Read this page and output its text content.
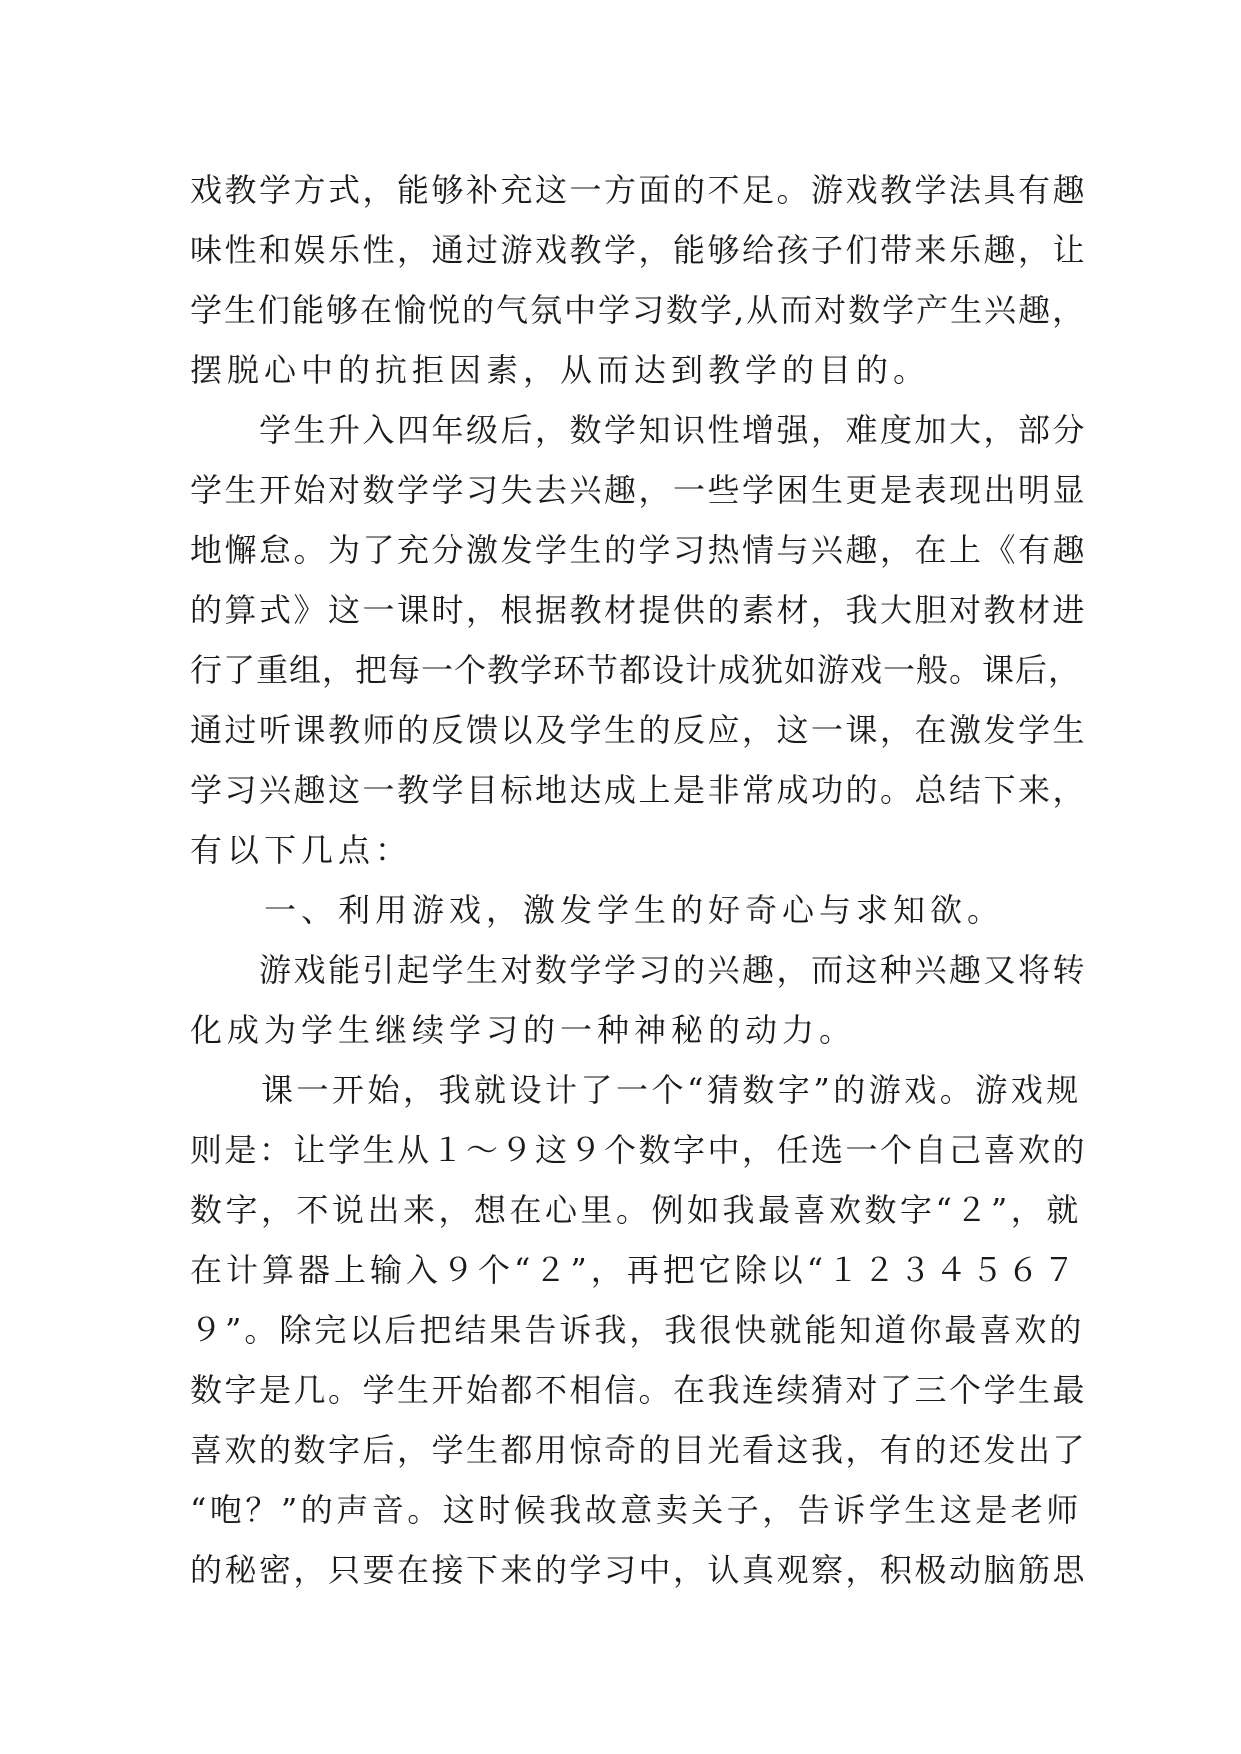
戏教学方式，能够补充这一方面的不足。游戏教学法具有趣
味性和娱乐性，通过游戏教学，能够给孩子们带来乐趣，让
学生们能够在愉悦的气氛中学习数学,从而对数学产生兴趣，
摆脱心中的抗拒因素，从而达到教学的目的。
　　学生升入四年级后，数学知识性增强，难度加大，部分
学生开始对数学学习失去兴趣，一些学困生更是表现出明显
地懈怠。为了充分激发学生的学习热情与兴趣，在上《有趣
的算式》这一课时，根据教材提供的素材，我大胆对教材进
行了重组，把每一个教学环节都设计成犹如游戏一般。课后，
通过听课教师的反馈以及学生的反应，这一课，在激发学生
学习兴趣这一教学目标地达成上是非常成功的。总结下来，
有以下几点：
　　一、利用游戏，激发学生的好奇心与求知欲。
　　游戏能引起学生对数学学习的兴趣，而这种兴趣又将转
化成为学生继续学习的一种神秘的动力。
　　课一开始，我就设计了一个“猜数字”的游戏。游戏规
则是：让学生从１～９这９个数字中，任选一个自己喜欢的
数字，不说出来，想在心里。例如我最喜欢数字“２”，就
在计算器上输入９个“２”，再把它除以“１２３４５６７
９”。除完以后把结果告诉我，我很快就能知道你最喜欢的
数字是几。学生开始都不相信。在我连续猜对了三个学生最
喜欢的数字后，学生都用惊奇的目光看这我，有的还发出了
“咆？”的声音。这时候我故意卖关子，告诉学生这是老师
的秘密，只要在接下来的学习中，认真观察，积极动脑筋思
